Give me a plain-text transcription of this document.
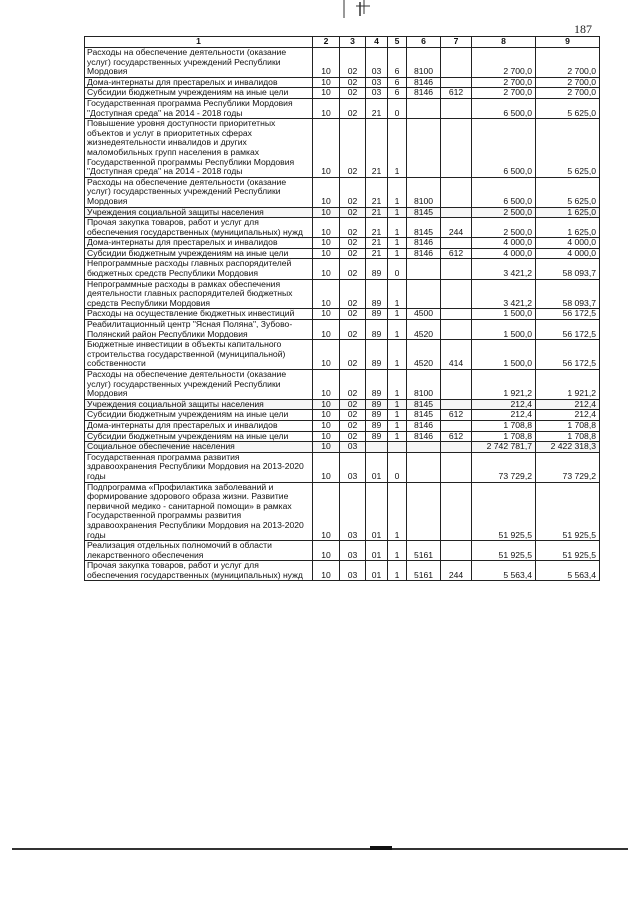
187
1	2	3	4	5	6	7	8	9
Расходы на обеспечение деятельности (оказание услуг) государственных учреждений Республики Мордовия	10	02	03	6	8100		2 700,0	2 700,0
Дома-интернаты для престарелых и инвалидов	10	02	03	6	8146		2 700,0	2 700,0
Субсидии бюджетным учреждениям на иные цели	10	02	03	6	8146	612	2 700,0	2 700,0
Государственная программа Республики Мордовия "Доступная среда" на 2014 - 2018 годы	10	02	21	0			6 500,0	5 625,0
Повышение уровня доступности приоритетных объектов и услуг в приоритетных сферах жизнедеятельности инвалидов и других маломобильных групп населения в рамках Государственной программы Республики Мордовия "Доступная среда" на 2014 - 2018 годы	10	02	21	1			6 500,0	5 625,0
Расходы на обеспечение деятельности (оказание услуг) государственных учреждений Республики Мордовия	10	02	21	1	8100		6 500,0	5 625,0
Учреждения социальной защиты населения	10	02	21	1	8145		2 500,0	1 625,0
Прочая закупка товаров, работ и услуг для обеспечения государственных (муниципальных) нужд	10	02	21	1	8145	244	2 500,0	1 625,0
Дома-интернаты для престарелых и инвалидов	10	02	21	1	8146		4 000,0	4 000,0
Субсидии бюджетным учреждениям на иные цели	10	02	21	1	8146	612	4 000,0	4 000,0
Непрограммные расходы главных распорядителей бюджетных средств Республики Мордовия	10	02	89	0			3 421,2	58 093,7
Непрограммные расходы в рамках обеспечения деятельности главных распорядителей бюджетных средств Республики Мордовия	10	02	89	1			3 421,2	58 093,7
Расходы на осуществление бюджетных инвестиций	10	02	89	1	4500		1 500,0	56 172,5
Реабилитационный центр "Ясная Поляна", Зубово-Полянский район Республики Мордовия	10	02	89	1	4520		1 500,0	56 172,5
Бюджетные инвестиции в объекты капитального строительства государственной (муниципальной) собственности	10	02	89	1	4520	414	1 500,0	56 172,5
Расходы на обеспечение деятельности (оказание услуг) государственных учреждений Республики Мордовия	10	02	89	1	8100		1 921,2	1 921,2
Учреждения социальной защиты населения	10	02	89	1	8145		212,4	212,4
Субсидии бюджетным учреждениям на иные цели	10	02	89	1	8145	612	212,4	212,4
Дома-интернаты для престарелых и инвалидов	10	02	89	1	8146		1 708,8	1 708,8
Субсидии бюджетным учреждениям на иные цели	10	02	89	1	8146	612	1 708,8	1 708,8
Социальное обеспечение населения	10	03					2 742 781,7	2 422 318,3
Государственная программа развития здравоохранения Республики Мордовия на 2013-2020 годы	10	03	01	0			73 729,2	73 729,2
Подпрограмма «Профилактика заболеваний и формирование здорового образа жизни. Развитие первичной медико - санитарной помощи» в рамках Государственной программы развития здравоохранения Республики Мордовия на 2013-2020 годы	10	03	01	1			51 925,5	51 925,5
Реализация отдельных полномочий в области лекарственного обеспечения	10	03	01	1	5161		51 925,5	51 925,5
Прочая закупка товаров, работ и услуг для обеспечения государственных (муниципальных) нужд	10	03	01	1	5161	244	5 563,4	5 563,4
